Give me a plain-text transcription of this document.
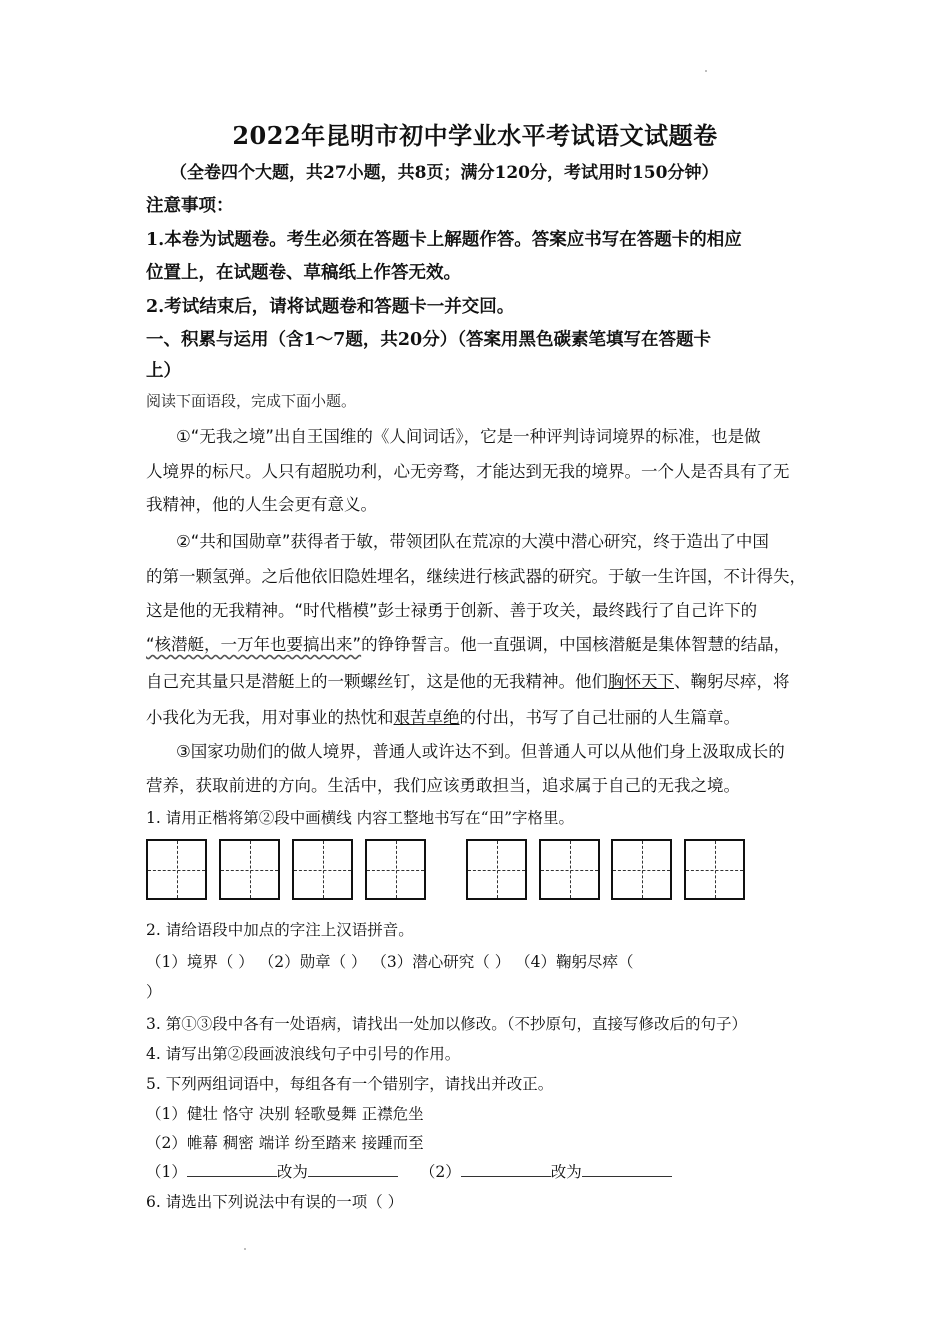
2022年昆明市初中学业水平考试语文试题卷
（全卷四个大题，共27小题，共8页；满分120分，考试用时150分钟）
注意事项：
1.本卷为试题卷。考生必须在答题卡上解题作答。答案应书写在答题卡的相应
位置上，在试题卷、草稿纸上作答无效。
2.考试结束后，请将试题卷和答题卡一并交回。
一、积累与运用（含1～7题，共20分）（答案用黑色碳素笔填写在答题卡
上）
阅读下面语段，完成下面小题。
①“无我之境”出自王国维的《人间词话》，它是一种评判诗词境界的标准，也是做
人境界的标尺。人只有超脱功利，心无旁骛，才能达到无我的境界。一个人是否具有了无
我精神，他的人生会更有意义。
②“共和国勋章”获得者于敏，带领团队在荒凉的大漠中潜心研究，终于造出了中国
的第一颗氢弹。之后他依旧隐姓埋名，继续进行核武器的研究。于敏一生许国，不计得失，
这是他的无我精神。“时代楷模”彭士禄勇于创新、善于攻关，最终践行了自己许下的
“核潜艇，一万年也要搞出来”的铮铮誓言。他一直强调，中国核潜艇是集体智慧的结晶，
自己充其量只是潜艇上的一颗螺丝钉，这是他的无我精神。他们胸怀天下、鞠躬尽瘁，将
小我化为无我，用对事业的热忱和艰苦卓绝的付出，书写了自己壮丽的人生篇章。
③国家功勋们的做人境界，普通人或许达不到。但普通人可以从他们身上汲取成长的
营养，获取前进的方向。生活中，我们应该勇敢担当，追求属于自己的无我之境。
1. 请用正楷将第②段中画横线 内容工整地书写在“田”字格里。
2. 请给语段中加点的字注上汉语拼音。
（1）境界（ ） （2）勋章（ ） （3）潜心研究（ ） （4）鞠躬尽瘁（
）
3. 第①③段中各有一处语病，请找出一处加以修改。（不抄原句，直接写修改后的句子）
4. 请写出第②段画波浪线句子中引号的作用。
5. 下列两组词语中，每组各有一个错别字，请找出并改正。
（1）健壮 恪守 决别 轻歌曼舞 正襟危坐
（2）帷幕 稠密 端详 纷至踏来 接踵而至
（1）	改为	（2）	改为
6. 请选出下列说法中有误的一项（ ）
